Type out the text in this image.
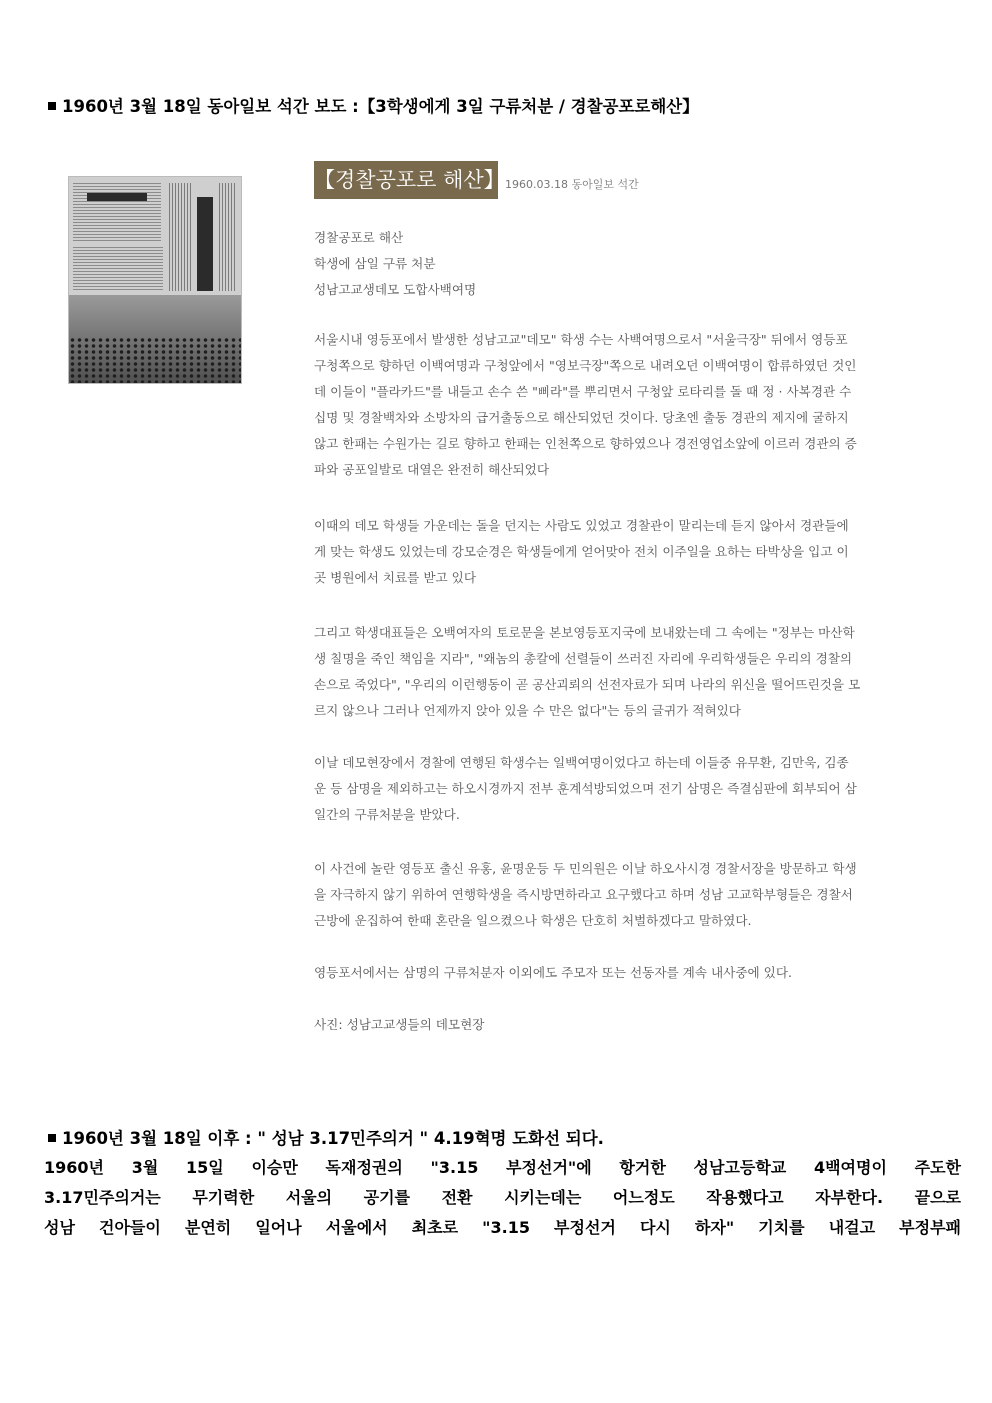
1960년 3월 18일 동아일보 석간 보도 :【3학생에게 3일 구류처분 / 경찰공포로해산】
【경찰공포로 해산】 1960.03.18 동아일보 석간
경찰공포로 해산
학생에 삼일 구류 처분
성남고교생데모 도합사백여명
서울시내 영등포에서 발생한 성남고교"데모" 학생 수는 사백여명으로서 "서울극장" 뒤에서 영등포
구청쪽으로 향하던 이백여명과 구청앞에서 "영보극장"쪽으로 내려오던 이백여명이 합류하였던 것인
데 이들이 "플라카드"를 내들고 손수 쓴 "삐라"를 뿌리면서 구청앞 로타리를 돌 때 정 · 사복경관 수
십명 및 경찰백차와 소방차의 급거출동으로 해산되었던 것이다. 당초엔 출동 경관의 제지에 굴하지
않고 한패는 수원가는 길로 향하고 한패는 인천쪽으로 향하였으나 경전영업소앞에 이르러 경관의 증
파와 공포일발로 대열은 완전히 해산되었다
이때의 데모 학생들 가운데는 돌을 던지는 사람도 있었고 경찰관이 말리는데 듣지 않아서 경관들에
게 맞는 학생도 있었는데 강모순경은 학생들에게 얻어맞아 전치 이주일을 요하는 타박상을 입고 이
곳 병원에서 치료를 받고 있다
그리고 학생대표들은 오백여자의 토로문을 본보영등포지국에 보내왔는데 그 속에는 "정부는 마산학
생 칠명을 죽인 책임을 지라", "왜놈의 총칼에 선렬들이 쓰러진 자리에 우리학생들은 우리의 경찰의
손으로 죽었다", "우리의 이런행동이 곧 공산괴뢰의 선전자료가 되며 나라의 위신을 떨어뜨린것을 모
르지 않으나 그러나 언제까지 앉아 있을 수 만은 없다"는 등의 글귀가 적혀있다
이날 데모현장에서 경찰에 연행된 학생수는 일백여명이었다고 하는데 이들중 유무환, 김만욱, 김종
운 등 삼명을 제외하고는 하오시경까지 전부 훈계석방되었으며 전기 삼명은 즉결심판에 회부되어 삼
일간의 구류처분을 받았다.
이 사건에 놀란 영등포 출신 유홍, 윤명운등 두 민의원은 이날 하오사시경 경찰서장을 방문하고 학생
을 자극하지 않기 위하여 연행학생을 즉시방면하라고 요구했다고 하며 성남 고교학부형들은 경찰서
근방에 운집하여 한때 혼란을 일으켰으나 학생은 단호히 처벌하겠다고 말하였다.
영등포서에서는 삼명의 구류처분자 이외에도 주모자 또는 선동자를 계속 내사중에 있다.
사진: 성남고교생들의 데모현장
1960년 3월 18일 이후 : " 성남 3.17민주의거 " 4.19혁명 도화선 되다.
1960년 3월 15일 이승만 독재정권의 "3.15 부정선거"에 항거한 성남고등학교 4백여명이 주도한
3.17민주의거는 무기력한 서울의 공기를 전환 시키는데는 어느정도 작용했다고 자부한다. 끝으로
성남 건아들이 분연히 일어나 서울에서 최초로 "3.15 부정선거 다시 하자" 기치를 내걸고 부정부패
